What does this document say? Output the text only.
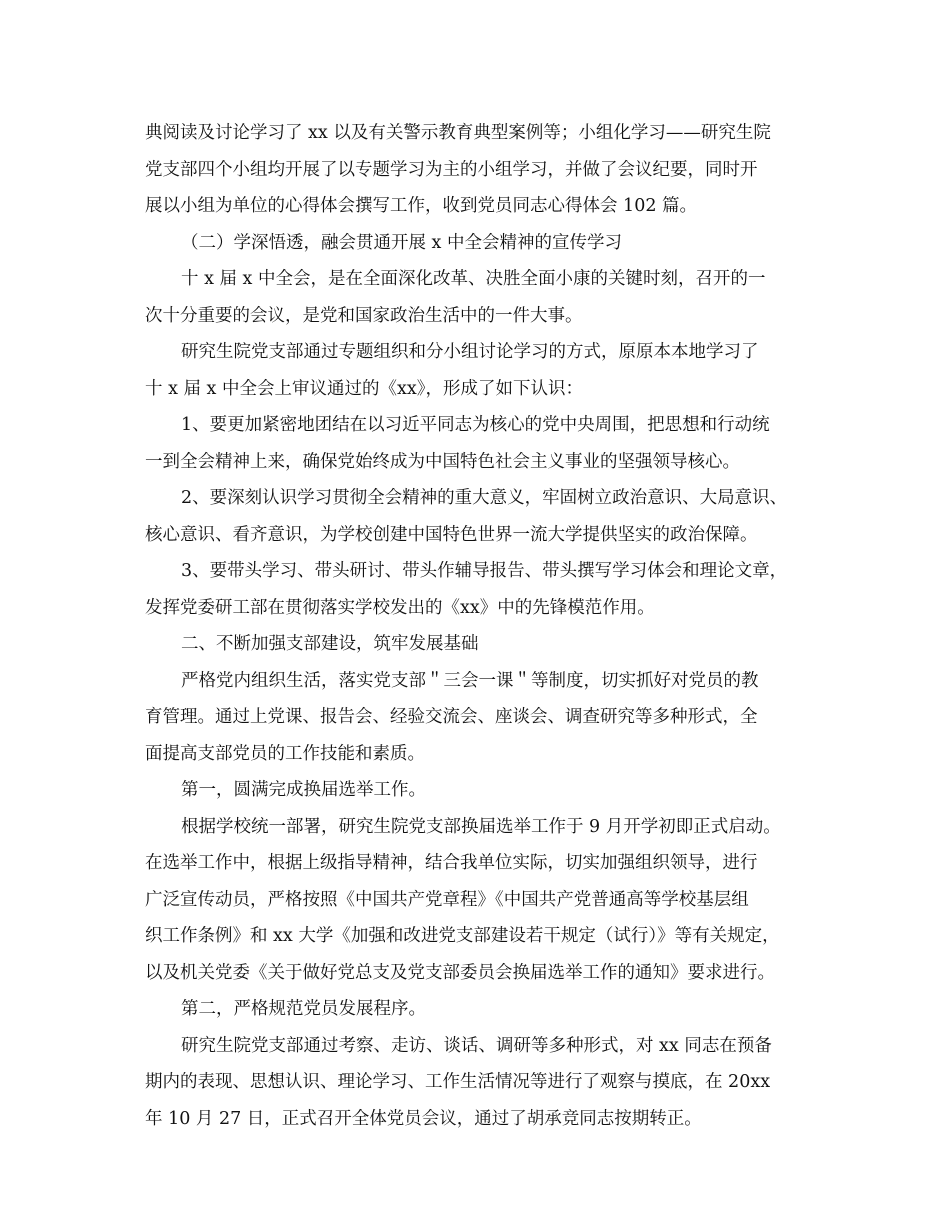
典阅读及讨论学习了 xx 以及有关警示教育典型案例等；小组化学习——研究生院
党支部四个小组均开展了以专题学习为主的小组学习，并做了会议纪要，同时开
展以小组为单位的心得体会撰写工作，收到党员同志心得体会 102 篇。
（二）学深悟透，融会贯通开展 x 中全会精神的宣传学习
十 x 届 x 中全会，是在全面深化改革、决胜全面小康的关键时刻，召开的一
次十分重要的会议，是党和国家政治生活中的一件大事。
研究生院党支部通过专题组织和分小组讨论学习的方式，原原本本地学习了
十 x 届 x 中全会上审议通过的《xx》，形成了如下认识：
1、要更加紧密地团结在以习近平同志为核心的党中央周围，把思想和行动统
一到全会精神上来，确保党始终成为中国特色社会主义事业的坚强领导核心。
2、要深刻认识学习贯彻全会精神的重大意义，牢固树立政治意识、大局意识、
核心意识、看齐意识，为学校创建中国特色世界一流大学提供坚实的政治保障。
3、要带头学习、带头研讨、带头作辅导报告、带头撰写学习体会和理论文章，
发挥党委研工部在贯彻落实学校发出的《xx》中的先锋模范作用。
二、不断加强支部建设，筑牢发展基础
严格党内组织生活，落实党支部＂三会一课＂等制度，切实抓好对党员的教
育管理。通过上党课、报告会、经验交流会、座谈会、调查研究等多种形式，全
面提高支部党员的工作技能和素质。
第一，圆满完成换届选举工作。
根据学校统一部署，研究生院党支部换届选举工作于 9 月开学初即正式启动。
在选举工作中，根据上级指导精神，结合我单位实际，切实加强组织领导，进行
广泛宣传动员，严格按照《中国共产党章程》《中国共产党普通高等学校基层组
织工作条例》和 xx 大学《加强和改进党支部建设若干规定（试行）》等有关规定，
以及机关党委《关于做好党总支及党支部委员会换届选举工作的通知》要求进行。
第二，严格规范党员发展程序。
研究生院党支部通过考察、走访、谈话、调研等多种形式，对 xx 同志在预备
期内的表现、思想认识、理论学习、工作生活情况等进行了观察与摸底，在 20xx
年 10 月 27 日，正式召开全体党员会议，通过了胡承竞同志按期转正。
